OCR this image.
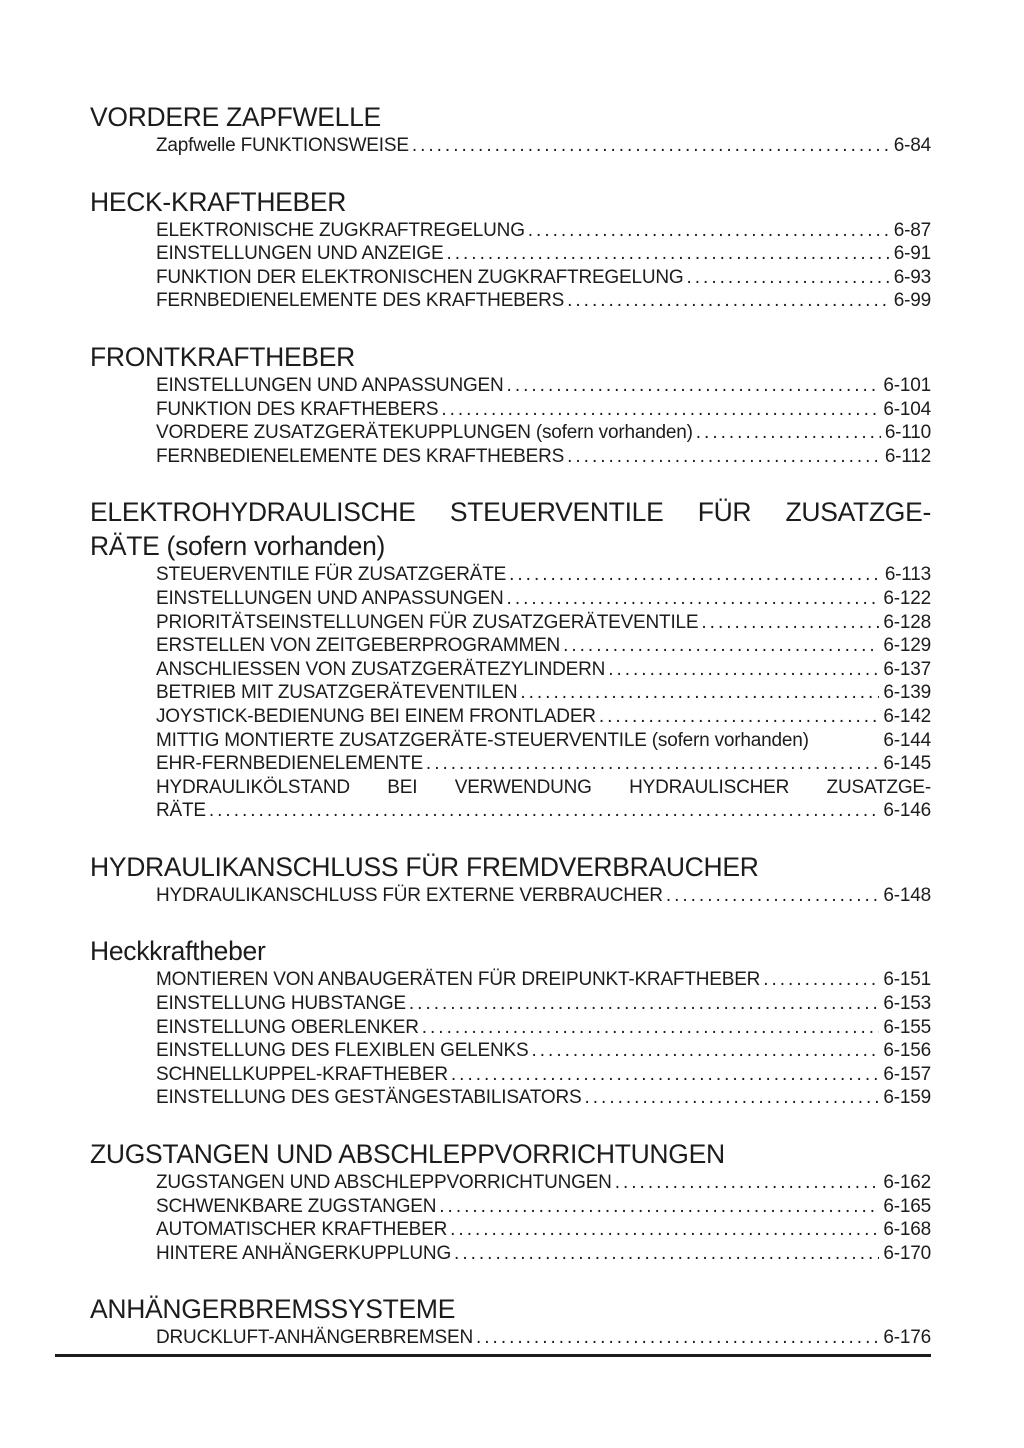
VORDERE ZAPFWELLE
Zapfwelle FUNKTIONSWEISE .....	6-84
HECK-KRAFTHEBER
ELEKTRONISCHE ZUGKRAFTREGELUNG .....	6-87
EINSTELLUNGEN UND ANZEIGE .....	6-91
FUNKTION DER ELEKTRONISCHEN ZUGKRAFTREGELUNG .....	6-93
FERNBEDIENELEMENTE DES KRAFTHEBERS .....	6-99
FRONTKRAFTHEBER
EINSTELLUNGEN UND ANPASSUNGEN .....	6-101
FUNKTION DES KRAFTHEBERS .....	6-104
VORDERE ZUSATZGERÄTEKUPPLUNGEN (sofern vorhanden) .....	6-110
FERNBEDIENELEMENTE DES KRAFTHEBERS .....	6-112
ELEKTROHYDRAULISCHE STEUERVENTILE FÜR ZUSATZGE-
RÄTE (sofern vorhanden)
STEUERVENTILE FÜR ZUSATZGERÄTE .....	6-113
EINSTELLUNGEN UND ANPASSUNGEN .....	6-122
PRIORITÄTSEINSTELLUNGEN FÜR ZUSATZGERÄTEVENTILE .....	6-128
ERSTELLEN VON ZEITGEBERPROGRAMMEN .....	6-129
ANSCHLIESSEN VON ZUSATZGERÄTEZYLINDERN .....	6-137
BETRIEB MIT ZUSATZGERÄTEVENTILEN .....	6-139
JOYSTICK-BEDIENUNG BEI EINEM FRONTLADER .....	6-142
MITTIG MONTIERTE ZUSATZGERÄTE-STEUERVENTILE (sofern vorhanden)	6-144
EHR-FERNBEDIENELEMENTE .....	6-145
HYDRAULIKÖLSTAND BEI VERWENDUNG HYDRAULISCHER ZUSATZGE-
RÄTE .....	6-146
HYDRAULIKANSCHLUSS FÜR FREMDVERBRAUCHER
HYDRAULIKANSCHLUSS FÜR EXTERNE VERBRAUCHER .....	6-148
Heckkraftheber
MONTIEREN VON ANBAUGERÄTEN FÜR DREIPUNKT-KRAFTHEBER .....	6-151
EINSTELLUNG HUBSTANGE .....	6-153
EINSTELLUNG OBERLENKER .....	6-155
EINSTELLUNG DES FLEXIBLEN GELENKS .....	6-156
SCHNELLKUPPEL-KRAFTHEBER .....	6-157
EINSTELLUNG DES GESTÄNGESTABILISATORS .....	6-159
ZUGSTANGEN UND ABSCHLEPPVORRICHTUNGEN
ZUGSTANGEN UND ABSCHLEPPVORRICHTUNGEN .....	6-162
SCHWENKBARE ZUGSTANGEN .....	6-165
AUTOMATISCHER KRAFTHEBER .....	6-168
HINTERE ANHÄNGERKUPPLUNG .....	6-170
ANHÄNGERBREMSSYSTEME
DRUCKLUFT-ANHÄNGERBREMSEN .....	6-176
